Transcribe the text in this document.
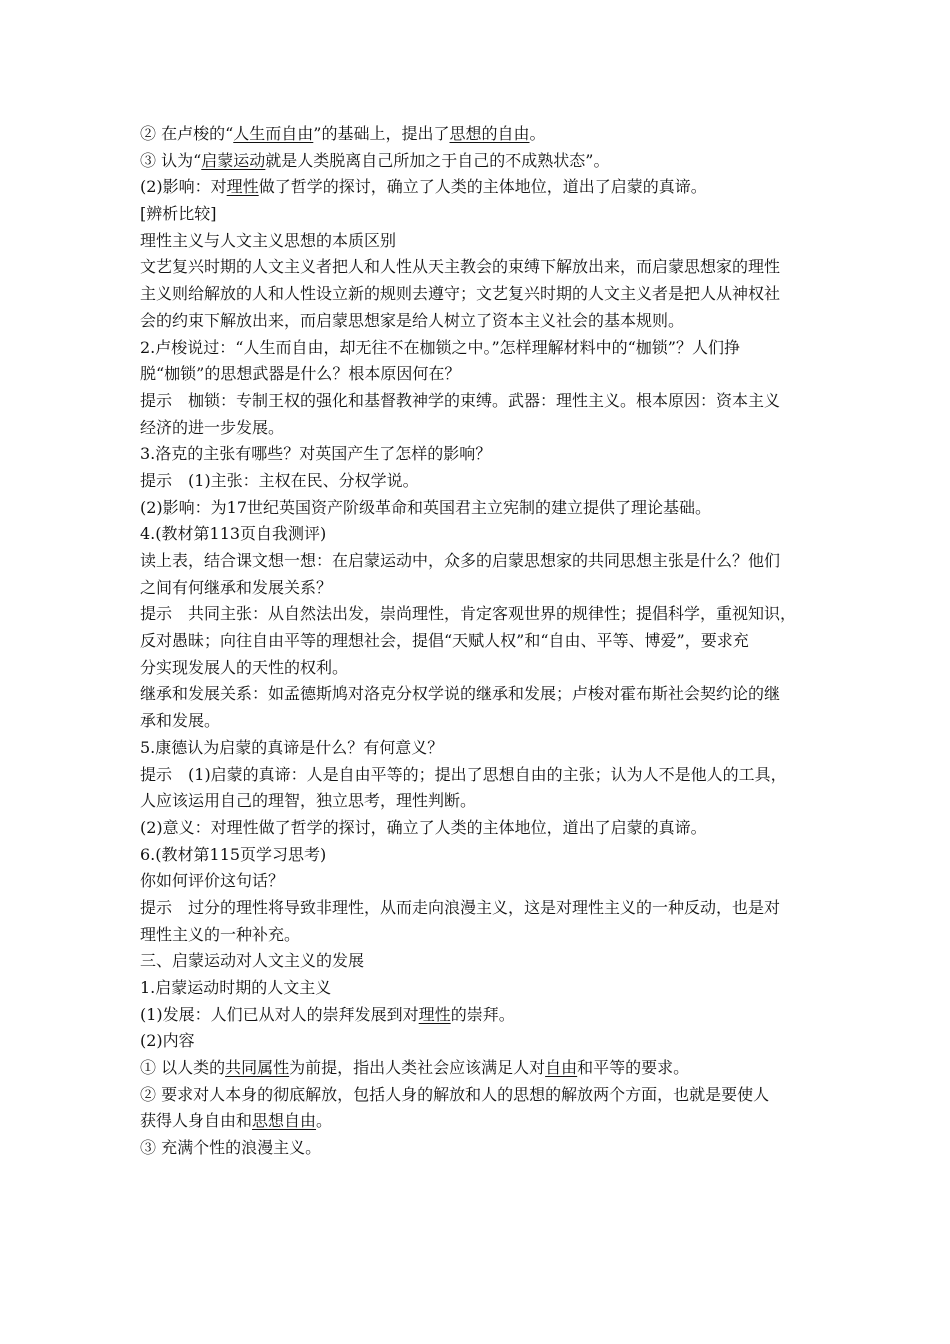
② 在卢梭的“人生而自由”的基础上，提出了思想的自由。
③ 认为“启蒙运动就是人类脱离自己所加之于自己的不成熟状态”。
(2)影响：对理性做了哲学的探讨，确立了人类的主体地位，道出了启蒙的真谛。
[辨析比较]
理性主义与人文主义思想的本质区别
文艺复兴时期的人文主义者把人和人性从天主教会的束缚下解放出来，而启蒙思想家的理性
主义则给解放的人和人性设立新的规则去遵守；文艺复兴时期的人文主义者是把人从神权社
会的约束下解放出来，而启蒙思想家是给人树立了资本主义社会的基本规则。
2.卢梭说过：“人生而自由，却无往不在枷锁之中。”怎样理解材料中的“枷锁”？人们挣
脱“枷锁”的思想武器是什么？根本原因何在？
提示 枷锁：专制王权的强化和基督教神学的束缚。武器：理性主义。根本原因：资本主义
经济的进一步发展。
3.洛克的主张有哪些？对英国产生了怎样的影响？
提示 (1)主张：主权在民、分权学说。
(2)影响：为17世纪英国资产阶级革命和英国君主立宪制的建立提供了理论基础。
4.(教材第113页自我测评)
读上表，结合课文想一想：在启蒙运动中，众多的启蒙思想家的共同思想主张是什么？他们
之间有何继承和发展关系？
提示 共同主张：从自然法出发，崇尚理性，肯定客观世界的规律性；提倡科学，重视知识，
反对愚昧；向往自由平等的理想社会，提倡“天赋人权”和“自由、平等、博爱”，要求充
分实现发展人的天性的权利。
继承和发展关系：如孟德斯鸠对洛克分权学说的继承和发展；卢梭对霍布斯社会契约论的继
承和发展。
5.康德认为启蒙的真谛是什么？有何意义？
提示 (1)启蒙的真谛：人是自由平等的；提出了思想自由的主张；认为人不是他人的工具，
人应该运用自己的理智，独立思考，理性判断。
(2)意义：对理性做了哲学的探讨，确立了人类的主体地位，道出了启蒙的真谛。
6.(教材第115页学习思考)
你如何评价这句话？
提示 过分的理性将导致非理性，从而走向浪漫主义，这是对理性主义的一种反动，也是对
理性主义的一种补充。
三、启蒙运动对人文主义的发展
1.启蒙运动时期的人文主义
(1)发展：人们已从对人的崇拜发展到对理性的崇拜。
(2)内容
① 以人类的共同属性为前提，指出人类社会应该满足人对自由和平等的要求。
② 要求对人本身的彻底解放，包括人身的解放和人的思想的解放两个方面，也就是要使人
获得人身自由和思想自由。
③ 充满个性的浪漫主义。
